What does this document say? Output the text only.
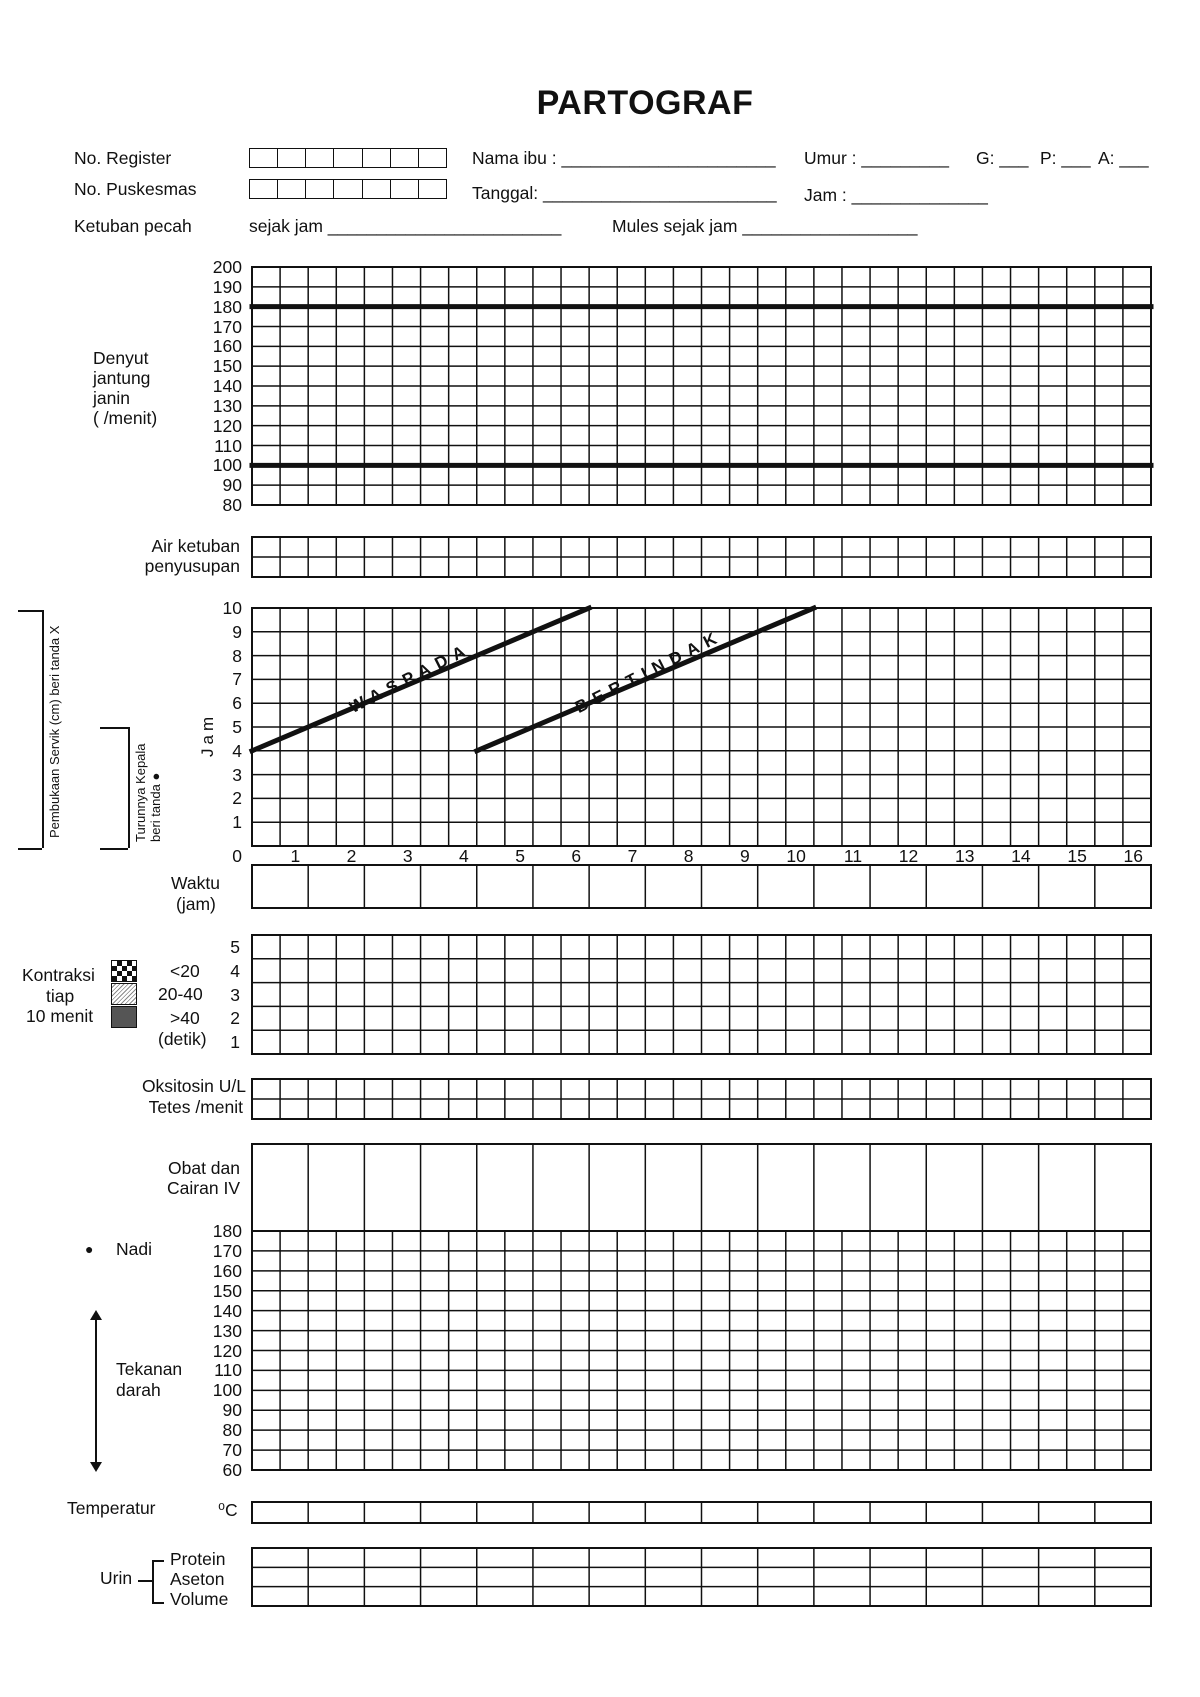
PARTOGRAF
No. Register
No. Puskesmas
Ketuban pecah
Nama ibu : ______________________ Umur : _________ G: ___ P: ___ A: ___
Tanggal: ________________________ Jam : ______________
sejak jam ________________________	Mules sejak jam __________________
Denyut
jantung
janin
( /menit)
200
190
180
170
160
150
140
130
120
110
100
90
80
Air ketuban
penyusupan
Pembukaan Servik (cm) beri tanda X	Turunnya Kepala beri tanda ●
Jam
10
9
8
7
6
5
4
3
2
1
0	1	2	3	4	5	6	7	8	9	10	11	12	13	14	15	16
WASPADA	BERTINDAK
Waktu
(jam)
Kontraksi
tiap
10 menit
<20
20-40
>40
(detik)
5
4
3
2
1
Oksitosin U/L
Tetes /menit
Obat dan
Cairan IV
● Nadi
180
170
160
150
140
130
120
110
100
90
80
70
60
Tekanan
darah
Temperatur	⁰C
Urin
Protein
Aseton
Volume
